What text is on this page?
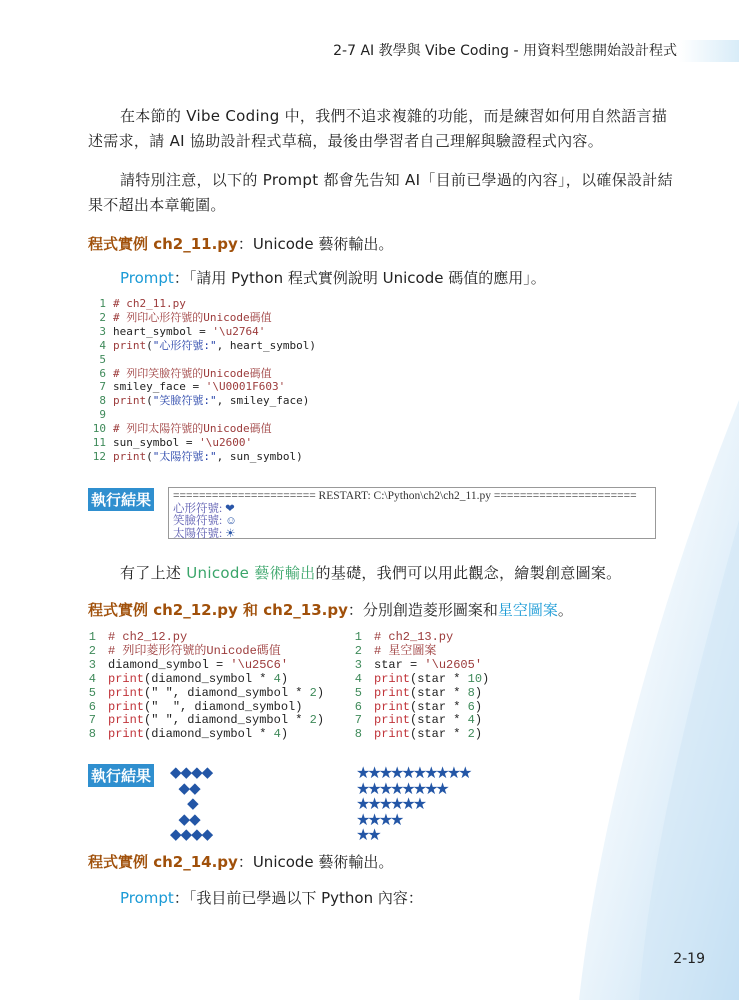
2-7 AI 教學與 Vibe Coding - 用資料型態開始設計程式
在本節的 Vibe Coding 中，我們不追求複雜的功能，而是練習如何用自然語言描述需求，請 AI 協助設計程式草稿，最後由學習者自己理解與驗證程式內容。
請特別注意，以下的 Prompt 都會先告知 AI「目前已學過的內容」，以確保設計結果不超出本章範圍。
程式實例 ch2_11.py：Unicode 藝術輸出。
Prompt：「請用 Python 程式實例說明 Unicode 碼值的應用」。
1 # ch2_11.py
2 # 列印心形符號的Unicode碼值
3 heart_symbol = '\u2764'
4 print("心形符號:", heart_symbol)
5
6 # 列印笑臉符號的Unicode碼值
7 smiley_face = '\U0001F603'
8 print("笑臉符號:", smiley_face)
9
10 # 列印太陽符號的Unicode碼值
11 sun_symbol = '\u2600'
12 print("太陽符號:", sun_symbol)
執行結果 ====================== RESTART: C:\Python\ch2\ch2_11.py ======================
心形符號: ❤
笑臉符號: ☺
太陽符號: ☀
有了上述 Unicode 藝術輸出的基礎，我們可以用此觀念，繪製創意圖案。
程式實例 ch2_12.py 和 ch2_13.py：分別創造菱形圖案和星空圖案。
1 # ch2_12.py
2 # 列印菱形符號的Unicode碼值
3 diamond_symbol = '\u25C6'
4 print(diamond_symbol * 4)
5 print(" ", diamond_symbol * 2)
6 print("  ", diamond_symbol)
7 print(" ", diamond_symbol * 2)
8 print(diamond_symbol * 4)
1 # ch2_13.py
2 # 星空圖案
3 star = '\u2605'
4 print(star * 10)
5 print(star * 8)
6 print(star * 6)
7 print(star * 4)
8 print(star * 2)
執行結果 ◆◆◆◆
 ◆◆
  ◆
 ◆◆
◆◆◆◆
★★★★★★★★★★
★★★★★★★★
★★★★★★
★★★★
★★
程式實例 ch2_14.py：Unicode 藝術輸出。
Prompt：「我目前已學過以下 Python 內容：
2-19
